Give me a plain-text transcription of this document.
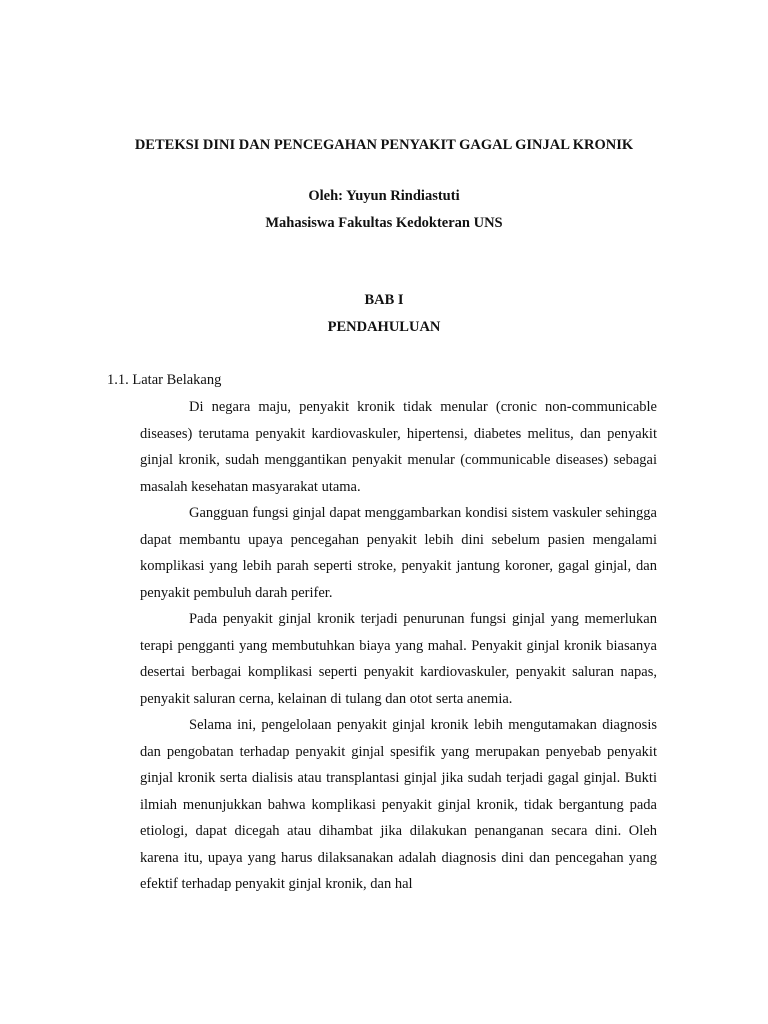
DETEKSI DINI DAN PENCEGAHAN PENYAKIT GAGAL GINJAL KRONIK
Oleh: Yuyun Rindiastuti
Mahasiswa Fakultas Kedokteran UNS
BAB I
PENDAHULUAN
1.1. Latar Belakang

Di negara maju, penyakit kronik tidak menular (cronic non-communicable diseases) terutama penyakit kardiovaskuler, hipertensi, diabetes melitus, dan penyakit ginjal kronik, sudah menggantikan penyakit menular (communicable diseases) sebagai masalah kesehatan masyarakat utama.

Gangguan fungsi ginjal dapat menggambarkan kondisi sistem vaskuler sehingga dapat membantu upaya pencegahan penyakit lebih dini sebelum pasien mengalami komplikasi yang lebih parah seperti stroke, penyakit jantung koroner, gagal ginjal, dan penyakit pembuluh darah perifer.

Pada penyakit ginjal kronik terjadi penurunan fungsi ginjal yang memerlukan terapi pengganti yang membutuhkan biaya yang mahal. Penyakit ginjal kronik biasanya desertai berbagai komplikasi seperti penyakit kardiovaskuler, penyakit saluran napas, penyakit saluran cerna, kelainan di tulang dan otot serta anemia.

Selama ini, pengelolaan penyakit ginjal kronik lebih mengutamakan diagnosis dan pengobatan terhadap penyakit ginjal spesifik yang merupakan penyebab penyakit ginjal kronik serta dialisis atau transplantasi ginjal jika sudah terjadi gagal ginjal. Bukti ilmiah menunjukkan bahwa komplikasi penyakit ginjal kronik, tidak bergantung pada etiologi, dapat dicegah atau dihambat jika dilakukan penanganan secara dini. Oleh karena itu, upaya yang harus dilaksanakan adalah diagnosis dini dan pencegahan yang efektif terhadap penyakit ginjal kronik, dan hal
